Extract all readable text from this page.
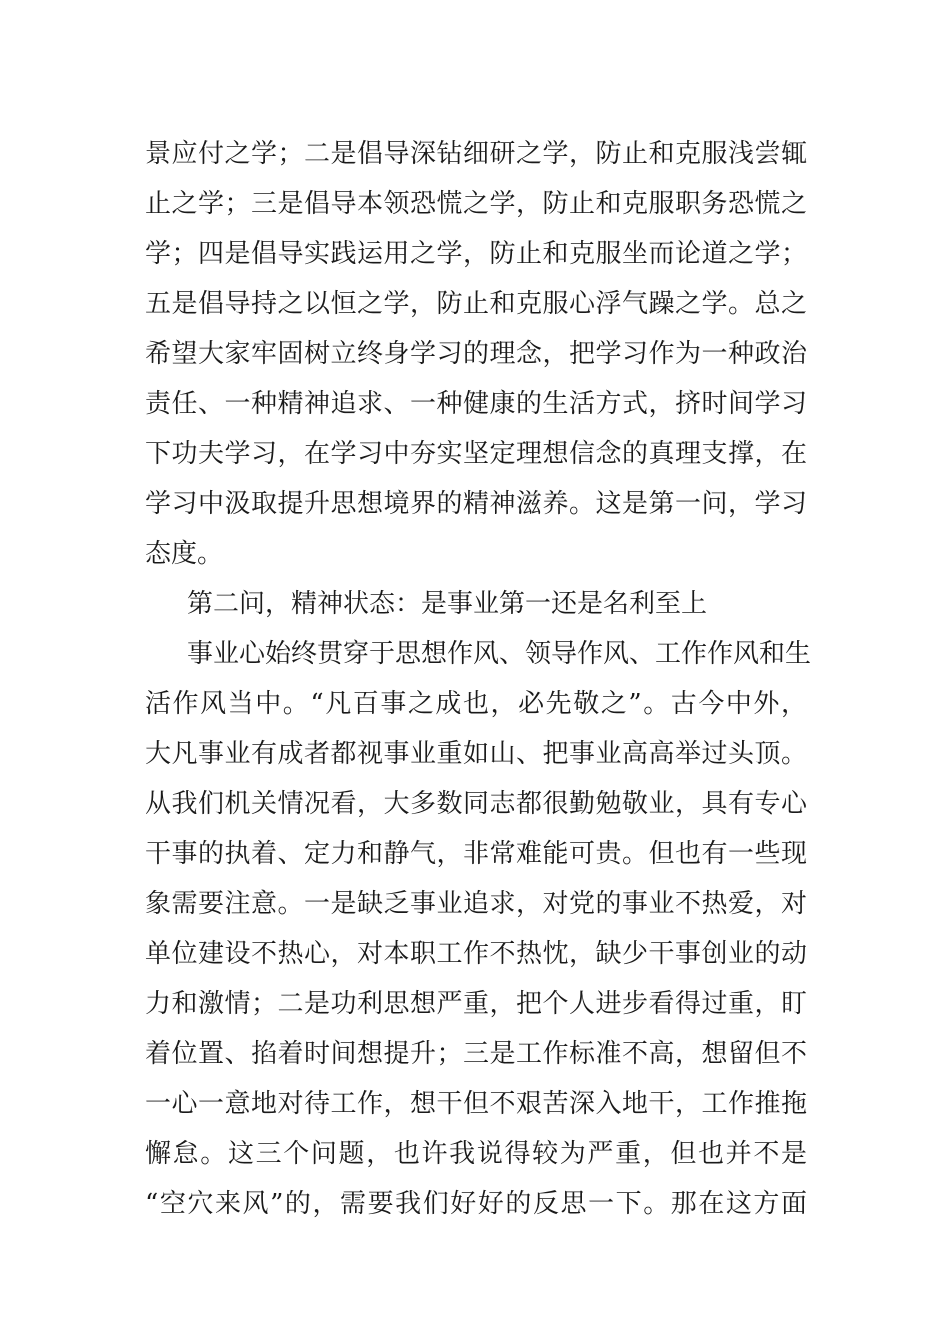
景应付之学；二是倡导深钻细研之学，防止和克服浅尝辄

止之学；三是倡导本领恐慌之学，防止和克服职务恐慌之

学；四是倡导实践运用之学，防止和克服坐而论道之学；

五是倡导持之以恒之学，防止和克服心浮气躁之学。总之

希望大家牢固树立终身学习的理念，把学习作为一种政治

责任、一种精神追求、一种健康的生活方式，挤时间学习

下功夫学习，在学习中夯实坚定理想信念的真理支撑，在

学习中汲取提升思想境界的精神滋养。这是第一问，学习

态度。

第二问，精神状态：是事业第一还是名利至上

事业心始终贯穿于思想作风、领导作风、工作作风和生

活作风当中。“凡百事之成也，必先敬之”。古今中外，

大凡事业有成者都视事业重如山、把事业高高举过头顶。

从我们机关情况看，大多数同志都很勤勉敬业，具有专心

干事的执着、定力和静气，非常难能可贵。但也有一些现

象需要注意。一是缺乏事业追求，对党的事业不热爱，对

单位建设不热心，对本职工作不热忱，缺少干事创业的动

力和激情；二是功利思想严重，把个人进步看得过重，盯

着位置、掐着时间想提升；三是工作标准不高，想留但不

一心一意地对待工作，想干但不艰苦深入地干，工作推拖

懈怠。这三个问题，也许我说得较为严重，但也并不是

“空穴来风”的，需要我们好好的反思一下。那在这方面
